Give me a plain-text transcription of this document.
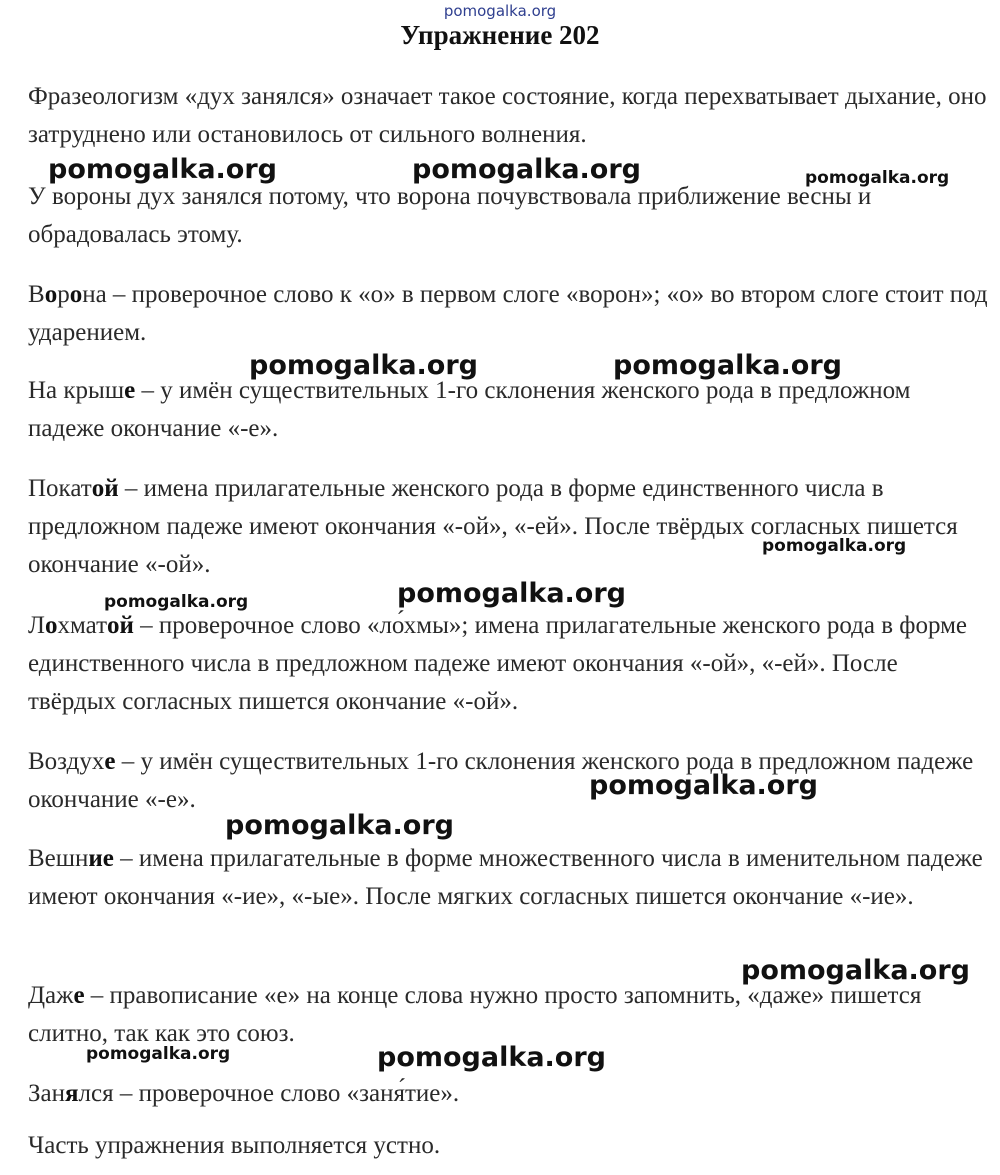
pomogalka.org
Упражнение 202

Фразеологизм «дух занялся» означает такое состояние, когда перехватывает дыхание, оно затруднено или остановилось от сильного волнения.

У вороны дух занялся потому, что ворона почувствовала приближение весны и обрадовалась этому.

Ворона – проверочное слово к «о» в первом слоге «ворон»; «о» во втором слоге стоит под ударением.

На крыше – у имён существительных 1-го склонения женского рода в предложном падеже окончание «-е».

Покатой – имена прилагательные женского рода в форме единственного числа в предложном падеже имеют окончания «-ой», «-ей». После твёрдых согласных пишется окончание «-ой».

Лохматой – проверочное слово «ло́хмы»; имена прилагательные женского рода в форме единственного числа в предложном падеже имеют окончания «-ой», «-ей». После твёрдых согласных пишется окончание «-ой».

Воздухе – у имён существительных 1-го склонения женского рода в предложном падеже окончание «-е».

Вешние – имена прилагательные в форме множественного числа в именительном падеже имеют окончания «-ие», «-ые». После мягких согласных пишется окончание «-ие».

Даже – правописание «е» на конце слова нужно просто запомнить, «даже» пишется слитно, так как это союз.

Занялся – проверочное слово «заня́тие».

Часть упражнения выполняется устно.

pomogalka.org	pomogalka.org	pomogalka.org
pomogalka.org	pomogalka.org
pomogalka.org
pomogalka.org	pomogalka.org
pomogalka.org
pomogalka.org
pomogalka.org
pomogalka.org	pomogalka.org
